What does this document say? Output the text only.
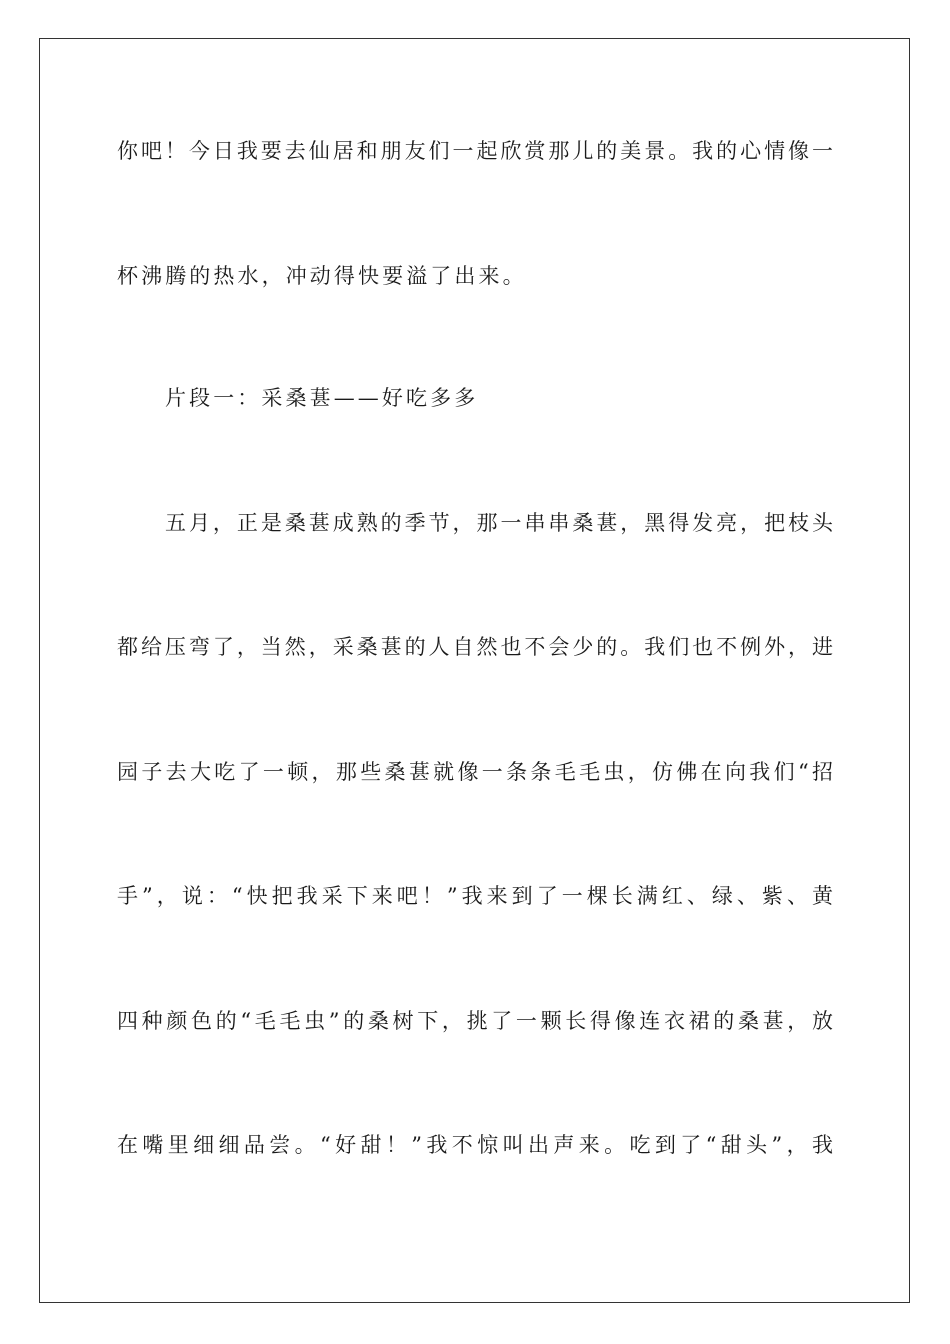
你吧！今日我要去仙居和朋友们一起欣赏那儿的美景。我的心情像一
杯沸腾的热水，冲动得快要溢了出来。
片段一：采桑葚——好吃多多
五月，正是桑葚成熟的季节，那一串串桑葚，黑得发亮，把枝头
都给压弯了，当然，采桑葚的人自然也不会少的。我们也不例外，进
园子去大吃了一顿，那些桑葚就像一条条毛毛虫，仿佛在向我们“招
手”，说：“快把我采下来吧！”我来到了一棵长满红、绿、紫、黄
四种颜色的“毛毛虫”的桑树下，挑了一颗长得像连衣裙的桑葚，放
在嘴里细细品尝。“好甜！”我不惊叫出声来。吃到了“甜头”，我
